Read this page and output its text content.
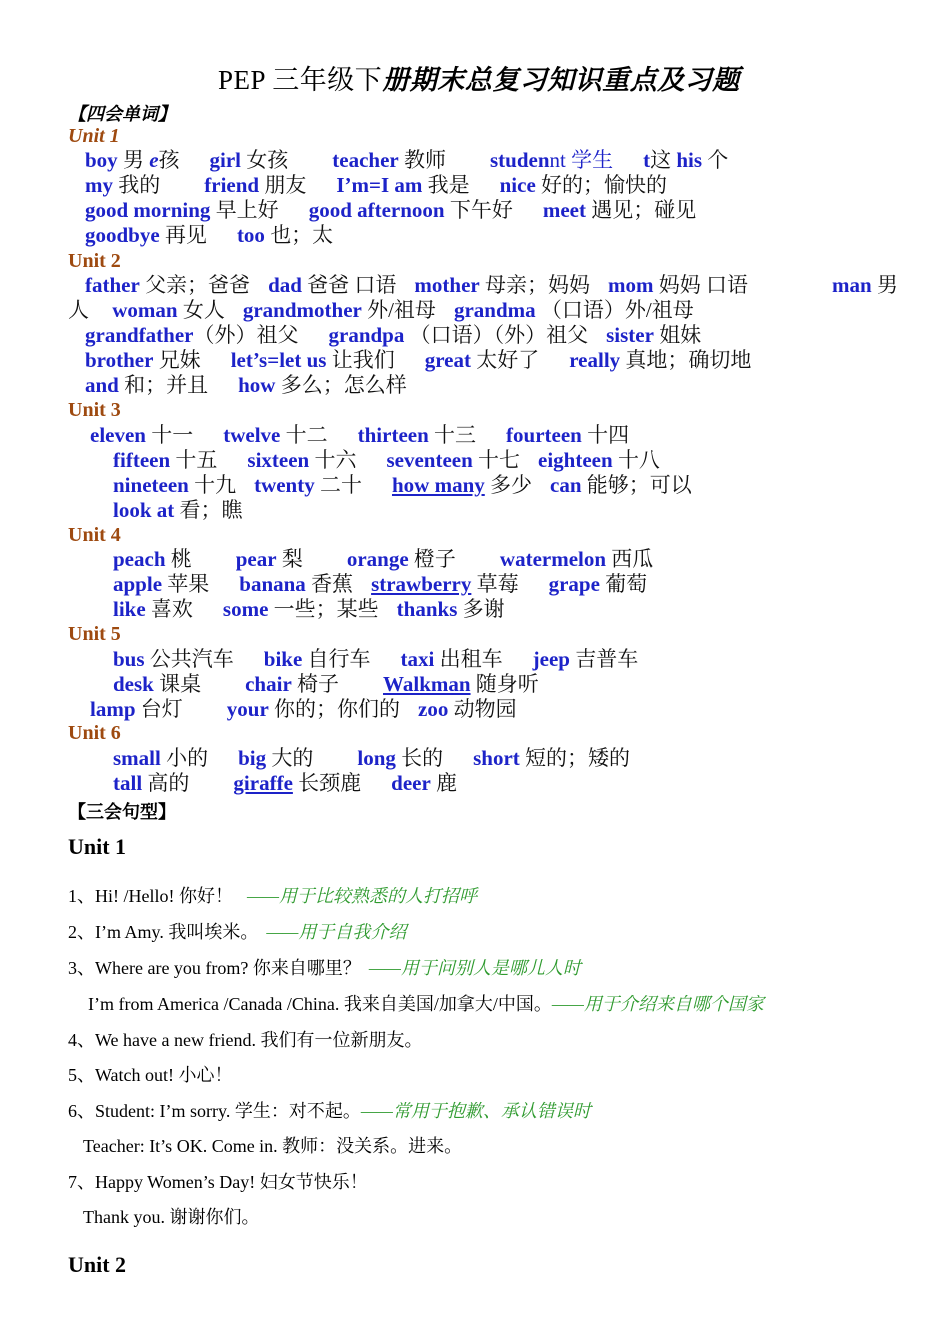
PEP 三年级下册期末总复习知识重点及习题
【四会单词】
Unit 1
Unit 2
Unit 3
Unit 4
Unit 5
Unit 6
boy 男 e孩 girl 女孩 teacher 教师 studennt 学生 t这 his 个
my 我的 friend 朋友 I’m=I am 我是 nice 好的；愉快的
good morning 早上好 good afternoon 下午好 meet 遇见；碰见
goodbye 再见 too 也；太
father 父亲；爸爸 dad 爸爸 口语 mother 母亲；妈妈 mom 妈妈 口语	man 男
人 woman 女人 grandmother 外/祖母 grandma （口语）外/祖母
grandfather（外）祖父 grandpa （口语）（外）祖父 sister 姐妹
brother 兄妹 let’s=let us 让我们 great 太好了 really 真地；确切地
and 和；并且 how 多么；怎么样
eleven 十一 twelve 十二 thirteen 十三 fourteen 十四
fifteen 十五 sixteen 十六 seventeen 十七 eighteen 十八
nineteen 十九 twenty 二十 how many 多少 can 能够；可以
look at 看；瞧
peach 桃 pear 梨 orange 橙子 watermelon 西瓜
apple 苹果 banana 香蕉 strawberry 草莓 grape 葡萄
like 喜欢 some 一些；某些 thanks 多谢
bus 公共汽车 bike 自行车 taxi 出租车 jeep 吉普车
desk 课桌 chair 椅子 Walkman 随身听
lamp 台灯 your 你的；你们的 zoo 动物园
small 小的 big 大的 long 长的 short 短的；矮的
tall 高的 giraffe 长颈鹿 deer 鹿
【三会句型】
Unit 1
1、Hi! /Hello! 你好！ ——用于比较熟悉的人打招呼
2、I’m Amy. 我叫埃米。 ——用于自我介绍
3、Where are you from? 你来自哪里？ ——用于问别人是哪儿人时
I’m from America /Canada /China. 我来自美国/加拿大/中国。——用于介绍来自哪个国家
4、We have a new friend. 我们有一位新朋友。
5、Watch out! 小心！
6、Student: I’m sorry. 学生：对不起。——常用于抱歉、承认错误时
Teacher: It’s OK. Come in. 教师：没关系。进来。
7、Happy Women’s Day! 妇女节快乐！
Thank you. 谢谢你们。
Unit 2
